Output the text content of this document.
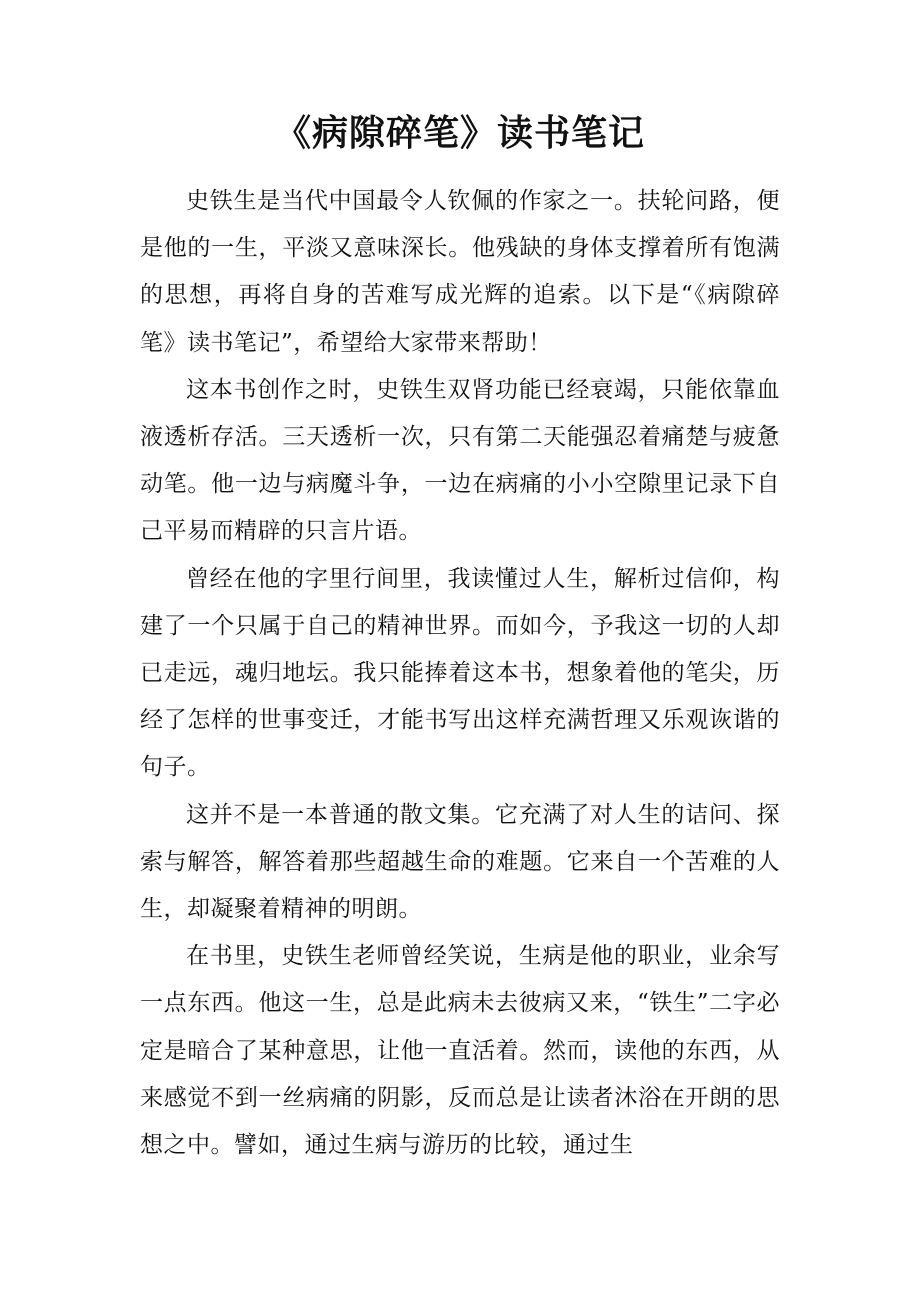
《病隙碎笔》读书笔记

史铁生是当代中国最令人钦佩的作家之一。扶轮问路，便是他的一生，平淡又意味深长。他残缺的身体支撑着所有饱满的思想，再将自身的苦难写成光辉的追索。以下是“《病隙碎笔》读书笔记”，希望给大家带来帮助！

这本书创作之时，史铁生双肾功能已经衰竭，只能依靠血液透析存活。三天透析一次，只有第二天能强忍着痛楚与疲惫动笔。他一边与病魔斗争，一边在病痛的小小空隙里记录下自己平易而精辟的只言片语。

曾经在他的字里行间里，我读懂过人生，解析过信仰，构建了一个只属于自己的精神世界。而如今，予我这一切的人却已走远，魂归地坛。我只能捧着这本书，想象着他的笔尖，历经了怎样的世事变迁，才能书写出这样充满哲理又乐观诙谐的句子。

这并不是一本普通的散文集。它充满了对人生的诘问、探索与解答，解答着那些超越生命的难题。它来自一个苦难的人生，却凝聚着精神的明朗。

在书里，史铁生老师曾经笑说，生病是他的职业，业余写一点东西。他这一生，总是此病未去彼病又来，“铁生”二字必定是暗合了某种意思，让他一直活着。然而，读他的东西，从来感觉不到一丝病痛的阴影，反而总是让读者沐浴在开朗的思想之中。譬如，通过生病与游历的比较，通过生
